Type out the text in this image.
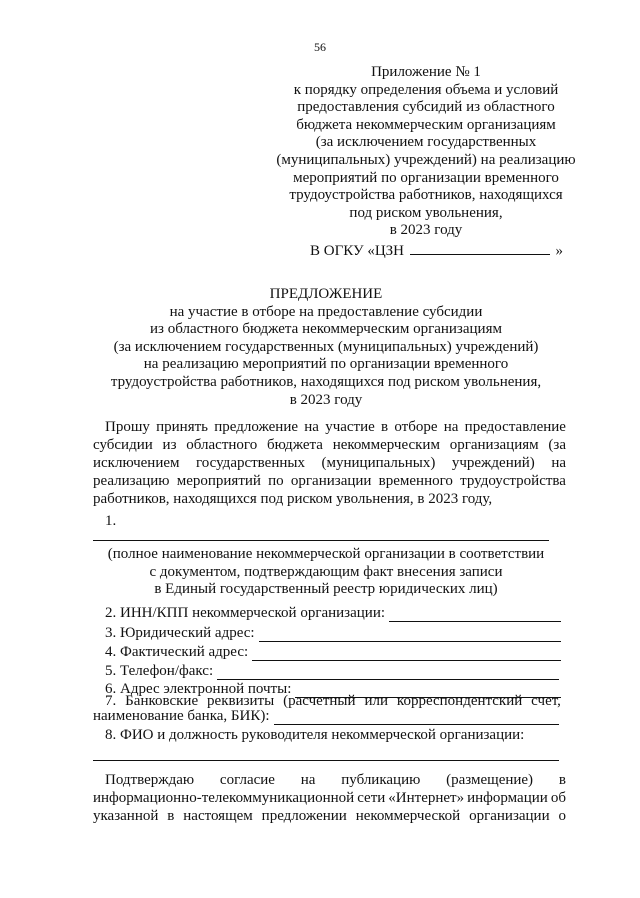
56
Приложение № 1
к порядку определения объема и условий
предоставления субсидий из областного
бюджета некоммерческим организациям
(за исключением государственных
(муниципальных) учреждений) на реализацию
мероприятий по организации временного
трудоустройства работников, находящихся
под риском увольнения,
в 2023 году
В ОГКУ «ЦЗН	»
ПРЕДЛОЖЕНИЕ
на участие в отборе на предоставление субсидии
из областного бюджета некоммерческим организациям
(за исключением государственных (муниципальных) учреждений)
на реализацию мероприятий по организации временного
трудоустройства работников, находящихся под риском увольнения,
в 2023 году
Прошу принять предложение на участие в отборе на предоставление
субсидии из областного бюджета некоммерческим организациям (за
исключением государственных (муниципальных) учреждений) на
реализацию мероприятий по организации временного трудоустройства
работников, находящихся под риском увольнения, в 2023 году,
1.
(полное наименование некоммерческой организации в соответствии
с документом, подтверждающим факт внесения записи
в Единый государственный реестр юридических лиц)
2. ИНН/КПП некоммерческой организации:
3. Юридический адрес:
4. Фактический адрес:
5. Телефон/факс:
6. Адрес электронной почты:
7. Банковские реквизиты (расчетный или корреспондентский счет,
наименование банка, БИК):
8. ФИО и должность руководителя некоммерческой организации:
Подтверждаю согласие на публикацию (размещение) в
информационно-телекоммуникационной сети «Интернет» информации об
указанной в настоящем предложении некоммерческой организации о
